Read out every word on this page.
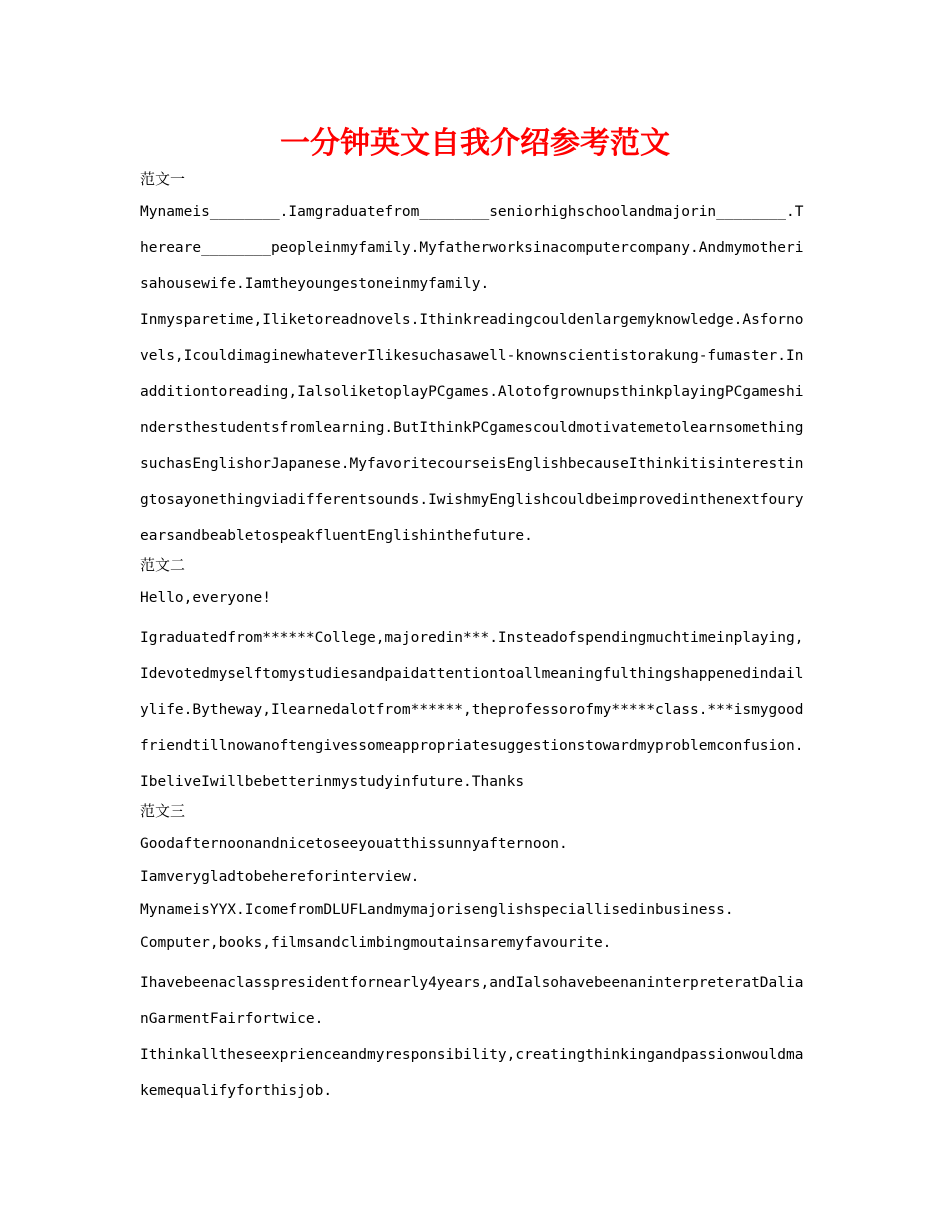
一分钟英文自我介绍参考范文

范文一

Mynameis________.Iamgraduatefrom________seniorhighschoolandmajorin________.Thereare________peopleinmyfamily.Myfatherworksinacomputercompany.Andmymotherisahousewife.Iamtheyoungestoneinmyfamily.

Inmysparetime,Iliketoreadnovels.Ithinkreadingcouldenlargemyknowledge.Asfornovels,IcouldimaginewhateverIlikesuchasawell-knownscientistorakung-fumaster.Inadditiontoreading,IalsoliketoplayPCgames.AlotofgrownupsthinkplayingPCgameshindersthestudentsfromlearning.ButIthinkPCgamescouldmotivatemetolearnsomethingsuchasEnglishorJapanese.MyfavoritecourseisEnglishbecauseIthinkitisinterestingtosayonethingviadifferentsounds.IwishmyEnglishcouldbeimprovedinthenextfouryearsandbeabletospeakfluentEnglishinthefuture.

范文二

Hello,everyone!

Igraduatedfrom******College,majoredin***.Insteadofspendingmuchtimeinplaying,Idevotedmyselftomystudiesandpaidattentiontoallmeaningfulthingshappenedindailylife.Bytheway,Ilearnedalotfrom******,theprofessorofmy*****class.***ismygoodfriendtillnowanoftengivessomeappropriatesuggestionstowardmyproblemconfusion.IbeliveIwillbebetterinmystudyinfuture.Thanks

范文三

Goodafternoonandnicetoseeyouatthissunnyafternoon.

Iamverygladtobehereforinterview.

MynameisYYX.IcomefromDLUFLandmymajorisenglishspeciallisedinbusiness.

Computer,books,filmsandclimbingmoutainsaremyfavourite.

Ihavebeenaclasspresidentfornearly4years,andIalsohavebeenaninterpreteratDalianGarmentFairfortwice.

Ithinkalltheseexprienceandmyresponsibility,creatingthinkingandpassionwouldmakemequalifyforthisjob.
